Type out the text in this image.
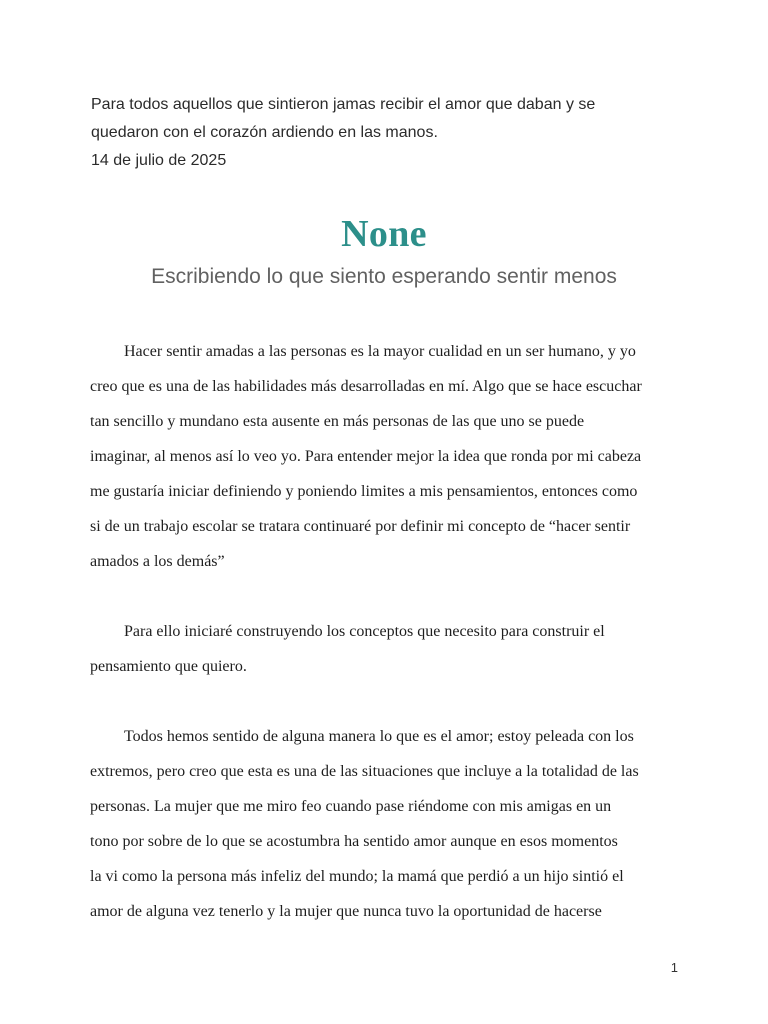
Para todos aquellos que sintieron jamas recibir el amor que daban y se
quedaron con el corazón ardiendo en las manos.
14 de julio de 2025
None
Escribiendo lo que siento esperando sentir menos
Hacer sentir amadas a las personas es la mayor cualidad en un ser humano, y yo
creo que es una de las habilidades más desarrolladas en mí. Algo que se hace escuchar
tan sencillo y mundano esta ausente en más personas de las que uno se puede
imaginar, al menos así lo veo yo. Para entender mejor la idea que ronda por mi cabeza
me gustaría iniciar definiendo y poniendo limites a mis pensamientos, entonces como
si de un trabajo escolar se tratara continuaré por definir mi concepto de “hacer sentir
amados a los demás”
Para ello iniciaré construyendo los conceptos que necesito para construir el
pensamiento que quiero.
Todos hemos sentido de alguna manera lo que es el amor; estoy peleada con los
extremos, pero creo que esta es una de las situaciones que incluye a la totalidad de las
personas. La mujer que me miro feo cuando pase riéndome con mis amigas en un
tono por sobre de lo que se acostumbra ha sentido amor aunque en esos momentos
la vi como la persona más infeliz del mundo; la mamá que perdió a un hijo sintió el
amor de alguna vez tenerlo y la mujer que nunca tuvo la oportunidad de hacerse
1
